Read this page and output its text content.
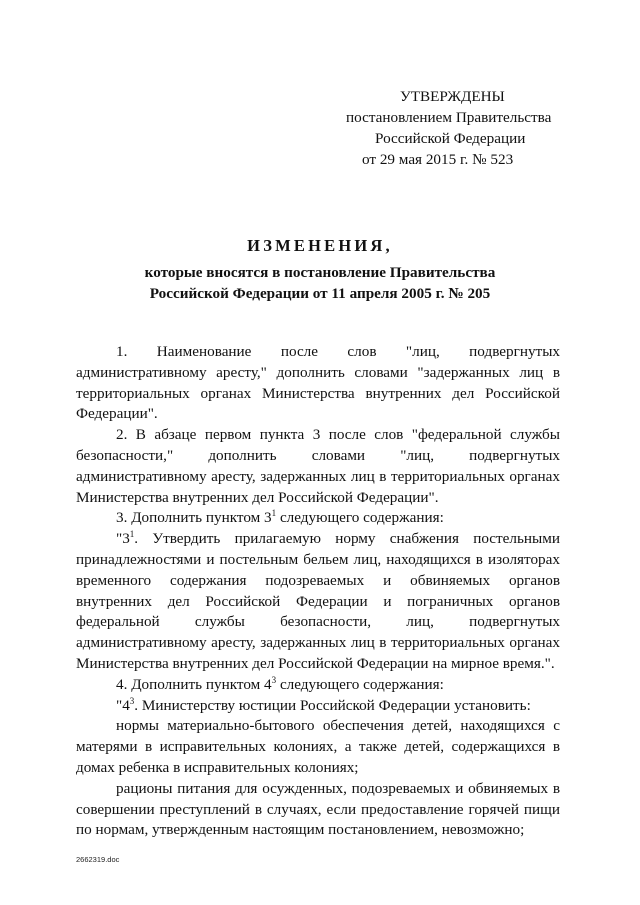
УТВЕРЖДЕНЫ
постановлением Правительства
Российской Федерации
от 29 мая 2015 г. № 523
ИЗМЕНЕНИЯ,
которые вносятся в постановление Правительства
Российской Федерации от 11 апреля 2005 г. № 205

1. Наименование после слов "лиц, подвергнутых административному аресту," дополнить словами "задержанных лиц в территориальных органах Министерства внутренних дел Российской Федерации".

2. В абзаце первом пункта 3 после слов "федеральной службы безопасности," дополнить словами "лиц, подвергнутых административному аресту, задержанных лиц в территориальных органах Министерства внутренних дел Российской Федерации".

3. Дополнить пунктом $3^1$ следующего содержания:

"$3^1$. Утвердить прилагаемую норму снабжения постельными принадлежностями и постельным бельем лиц, находящихся в изоляторах временного содержания подозреваемых и обвиняемых органов внутренних дел Российской Федерации и пограничных органов федеральной службы безопасности, лиц, подвергнутых административному аресту, задержанных лиц в территориальных органах Министерства внутренних дел Российской Федерации на мирное время.".

4. Дополнить пунктом $4^3$ следующего содержания:

"$4^3$. Министерству юстиции Российской Федерации установить:

нормы материально-бытового обеспечения детей, находящихся с матерями в исправительных колониях, а также детей, содержащихся в домах ребенка в исправительных колониях;

рационы питания для осужденных, подозреваемых и обвиняемых в совершении преступлений в случаях, если предоставление горячей пищи по нормам, утвержденным настоящим постановлением, невозможно;

2662319.doc
